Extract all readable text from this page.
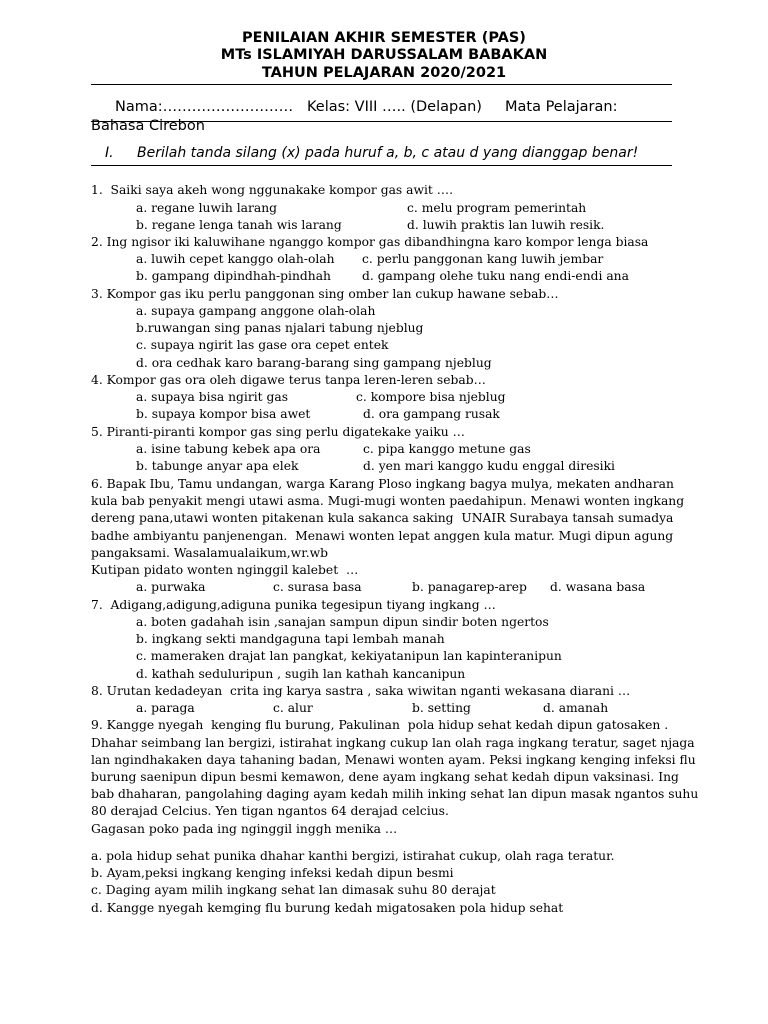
PENILAIAN AKHIR SEMESTER (PAS)
MTs ISLAMIYAH DARUSSALAM BABAKAN
TAHUN PELAJARAN 2020/2021
Nama:……………………… Kelas: VIII ….. (Delapan) Mata Pelajaran:
Bahasa Cirebon
I. Berilah tanda silang (x) pada huruf a, b, c atau d yang dianggap benar!
1.  Saiki saya akeh wong nggunakake kompor gas awit ….
a. regane luwih larang	c. melu program pemerintah
b. regane lenga tanah wis larang	d. luwih praktis lan luwih resik.
2. Ing ngisor iki kaluwihane nganggo kompor gas dibandhingna karo kompor lenga biasa
a. luwih cepet kanggo olah-olah c. perlu panggonan kang luwih jembar
b. gampang dipindhah-pindhah	d. gampang olehe tuku nang endi-endi ana
3. Kompor gas iku perlu panggonan sing omber lan cukup hawane sebab…
a. supaya gampang anggone olah-olah
b.ruwangan sing panas njalari tabung njeblug
c. supaya ngirit las gase ora cepet entek
d. ora cedhak karo barang-barang sing gampang njeblug
4. Kompor gas ora oleh digawe terus tanpa leren-leren sebab…
a. supaya bisa ngirit gas	c. kompore bisa njeblug
b. supaya kompor bisa awet	d. ora gampang rusak
5. Piranti-piranti kompor gas sing perlu digatekake yaiku …
a. isine tabung kebek apa ora	c. pipa kanggo metune gas
b. tabunge anyar apa elek	d. yen mari kanggo kudu enggal diresiki
6. Bapak Ibu, Tamu undangan, warga Karang Ploso ingkang bagya mulya, mekaten andharan
kula bab penyakit mengi utawi asma. Mugi-mugi wonten paedahipun. Menawi wonten ingkang
dereng pana,utawi wonten pitakenan kula sakanca saking  UNAIR Surabaya tansah sumadya
badhe ambiyantu panjenengan.  Menawi wonten lepat anggen kula matur. Mugi dipun agung
pangaksami. Wasalamualaikum,wr.wb
Kutipan pidato wonten nginggil kalebet  …
a. purwaka	c. surasa basa	b. panagarep-arep d. wasana basa
7.  Adigang,adigung,adiguna punika tegesipun tiyang ingkang …
a. boten gadahah isin ,sanajan sampun dipun sindir boten ngertos
b. ingkang sekti mandgaguna tapi lembah manah
c. mameraken drajat lan pangkat, kekiyatanipun lan kapinteranipun
d. kathah seduluripun , sugih lan kathah kancanipun
8. Urutan kedadeyan  crita ing karya sastra , saka wiwitan nganti wekasana diarani …
a. paraga	c. alur	b. setting	d. amanah
9. Kangge nyegah  kenging flu burung, Pakulinan  pola hidup sehat kedah dipun gatosaken .
Dhahar seimbang lan bergizi, istirahat ingkang cukup lan olah raga ingkang teratur, saget njaga
lan ngindhakaken daya tahaning badan, Menawi wonten ayam. Peksi ingkang kenging infeksi flu
burung saenipun dipun besmi kemawon, dene ayam ingkang sehat kedah dipun vaksinasi. Ing
bab dhaharan, pangolahing daging ayam kedah milih inking sehat lan dipun masak ngantos suhu
80 derajad Celcius. Yen tigan ngantos 64 derajad celcius.
Gagasan poko pada ing nginggil inggh menika …
a. pola hidup sehat punika dhahar kanthi bergizi, istirahat cukup, olah raga teratur.
b. Ayam,peksi ingkang kenging infeksi kedah dipun besmi
c. Daging ayam milih ingkang sehat lan dimasak suhu 80 derajat
d. Kangge nyegah kemging flu burung kedah migatosaken pola hidup sehat
